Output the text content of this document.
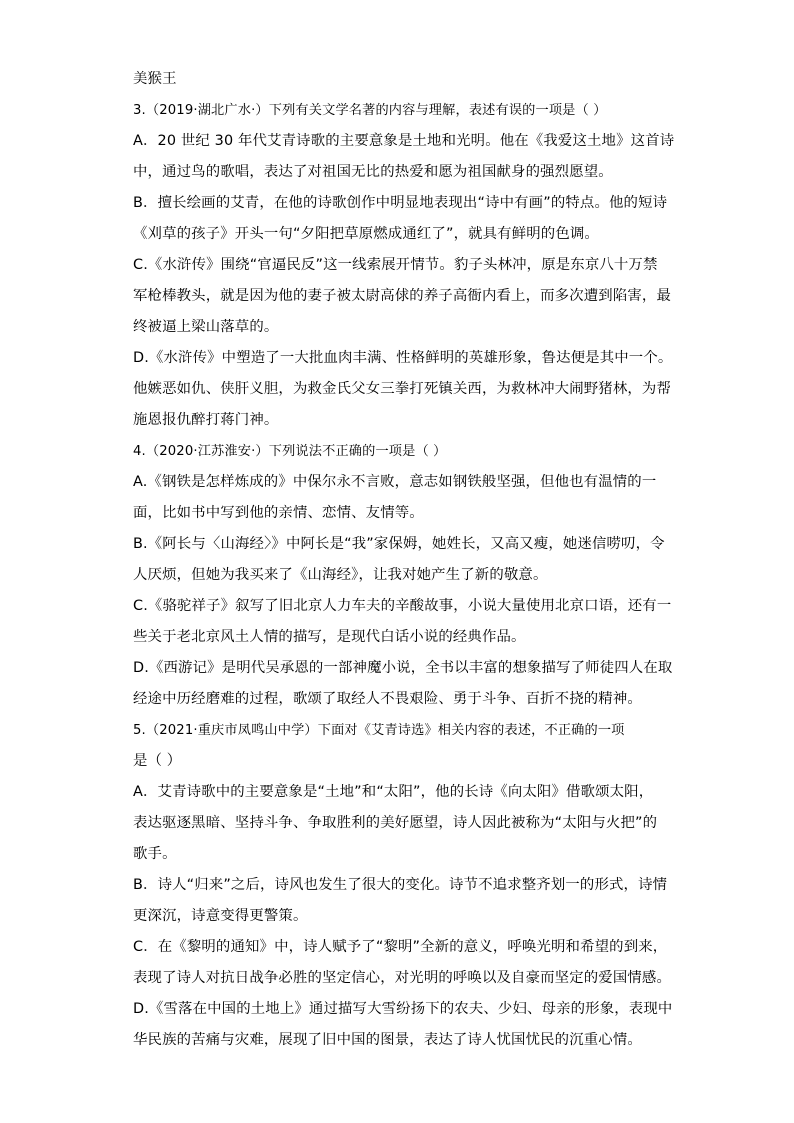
美猴王
3.（2019·湖北广水·）下列有关文学名著的内容与理解，表述有误的一项是（ ）
A．20 世纪 30 年代艾青诗歌的主要意象是土地和光明。他在《我爱这土地》这首诗
中，通过鸟的歌唱，表达了对祖国无比的热爱和愿为祖国献身的强烈愿望。
B．擅长绘画的艾青，在他的诗歌创作中明显地表现出“诗中有画”的特点。他的短诗
《刈草的孩子》开头一句“夕阳把草原燃成通红了”，就具有鲜明的色调。
C.《水浒传》围绕“官逼民反”这一线索展开情节。豹子头林冲，原是东京八十万禁
军枪棒教头，就是因为他的妻子被太尉高俅的养子高衙内看上，而多次遭到陷害，最
终被逼上梁山落草的。
D.《水浒传》中塑造了一大批血肉丰满、性格鲜明的英雄形象，鲁达便是其中一个。
他嫉恶如仇、侠肝义胆，为救金氏父女三拳打死镇关西，为救林冲大闹野猪林，为帮
施恩报仇醉打蒋门神。
4.（2020·江苏淮安·）下列说法不正确的一项是（ ）
A.《钢铁是怎样炼成的》中保尔永不言败，意志如钢铁般坚强，但他也有温情的一
面，比如书中写到他的亲情、恋情、友情等。
B.《阿长与〈山海经〉》中阿长是“我”家保姆，她姓长，又高又瘦，她迷信唠叨，令
人厌烦，但她为我买来了《山海经》，让我对她产生了新的敬意。
C.《骆驼祥子》叙写了旧北京人力车夫的辛酸故事，小说大量使用北京口语，还有一
些关于老北京风土人情的描写，是现代白话小说的经典作品。
D.《西游记》是明代吴承恩的一部神魔小说，全书以丰富的想象描写了师徒四人在取
经途中历经磨难的过程，歌颂了取经人不畏艰险、勇于斗争、百折不挠的精神。
5.（2021·重庆市凤鸣山中学）下面对《艾青诗选》相关内容的表述，不正确的一项
是（ ）
A．艾青诗歌中的主要意象是“土地”和“太阳”，他的长诗《向太阳》借歌颂太阳，
表达驱逐黑暗、坚持斗争、争取胜利的美好愿望，诗人因此被称为“太阳与火把”的
歌手。
B．诗人“归来”之后，诗风也发生了很大的变化。诗节不追求整齐划一的形式，诗情
更深沉，诗意变得更警策。
C．在《黎明的通知》中，诗人赋予了“黎明”全新的意义，呼唤光明和希望的到来，
表现了诗人对抗日战争必胜的坚定信心，对光明的呼唤以及自豪而坚定的爱国情感。
D.《雪落在中国的土地上》通过描写大雪纷扬下的农夫、少妇、母亲的形象，表现中
华民族的苦痛与灾难，展现了旧中国的图景，表达了诗人忧国忧民的沉重心情。
